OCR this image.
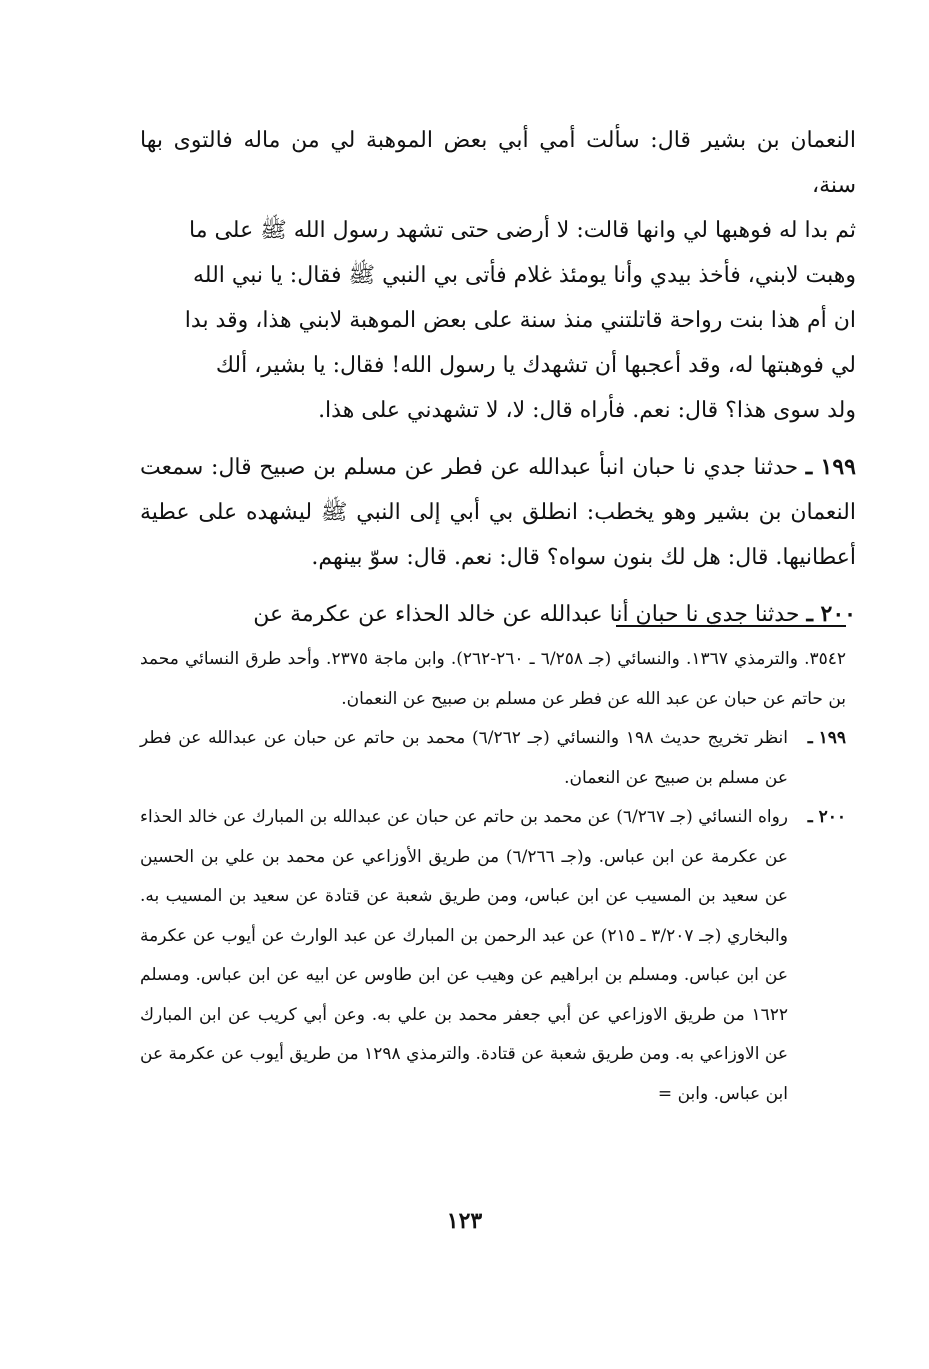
النعمان بن بشير قال: سألت أمي أبي بعض الموهبة لي من ماله فالتوى بها سنة،

ثم بدا له فوهبها لي وانها قالت: لا أرضى حتى تشهد رسول الله ﷺ على ما

وهبت لابني، فأخذ بيدي وأنا يومئذ غلام فأتى بي النبي ﷺ فقال: يا نبي الله

ان أم هذا بنت رواحة قاتلتني منذ سنة على بعض الموهبة لابني هذا، وقد بدا

لي فوهبتها له، وقد أعجبها أن تشهدك يا رسول الله! فقال: يا بشير، ألك

ولد سوى هذا؟ قال: نعم. فأراه قال: لا، لا تشهدني على هذا.

١٩٩ ـ حدثنا جدي نا حبان انبأ عبدالله عن فطر عن مسلم بن صبيح قال: سمعت النعمان بن بشير وهو يخطب: انطلق بي أبي إلى النبي ﷺ ليشهده على عطية أعطانيها. قال: هل لك بنون سواه؟ قال: نعم. قال: سوّ بينهم.

٢٠٠ ـ حدثنا جدي نا حبان أنا عبدالله عن خالد الحذاء عن عكرمة عن

٣٥٤٢. والترمذي ١٣٦٧. والنسائي (جـ ٦/٢٥٨ ـ ٢٦٠-٢٦٢). وابن ماجة ٢٣٧٥. وأحد طرق النسائي محمد بن حاتم عن حبان عن عبد الله عن فطر عن مسلم بن صبيح عن النعمان.

١٩٩ ـ
انظر تخريج حديث ١٩٨ والنسائي (جـ ٦/٢٦٢) محمد بن حاتم عن حبان عن عبدالله عن فطر عن مسلم بن صبيح عن النعمان.
٢٠٠ ـ
رواه النسائي (جـ ٦/٢٦٧) عن محمد بن حاتم عن حبان عن عبدالله بن المبارك عن خالد الحذاء عن عكرمة عن ابن عباس. و(جـ ٦/٢٦٦) من طريق الأوزاعي عن محمد بن علي بن الحسين عن سعيد بن المسيب عن ابن عباس، ومن طريق شعبة عن قتادة عن سعيد بن المسيب به. والبخاري (جـ ٣/٢٠٧ ـ ٢١٥) عن عبد الرحمن بن المبارك عن عبد الوارث عن أيوب عن عكرمة عن ابن عباس. ومسلم بن ابراهيم عن وهيب عن ابن طاوس عن ابيه عن ابن عباس. ومسلم ١٦٢٢ من طريق الاوزاعي عن أبي جعفر محمد بن علي به. وعن أبي كريب عن ابن المبارك عن الاوزاعي به. ومن طريق شعبة عن قتادة. والترمذي ١٢٩٨ من طريق أيوب عن عكرمة عن ابن عباس. وابن =
١٢٣
